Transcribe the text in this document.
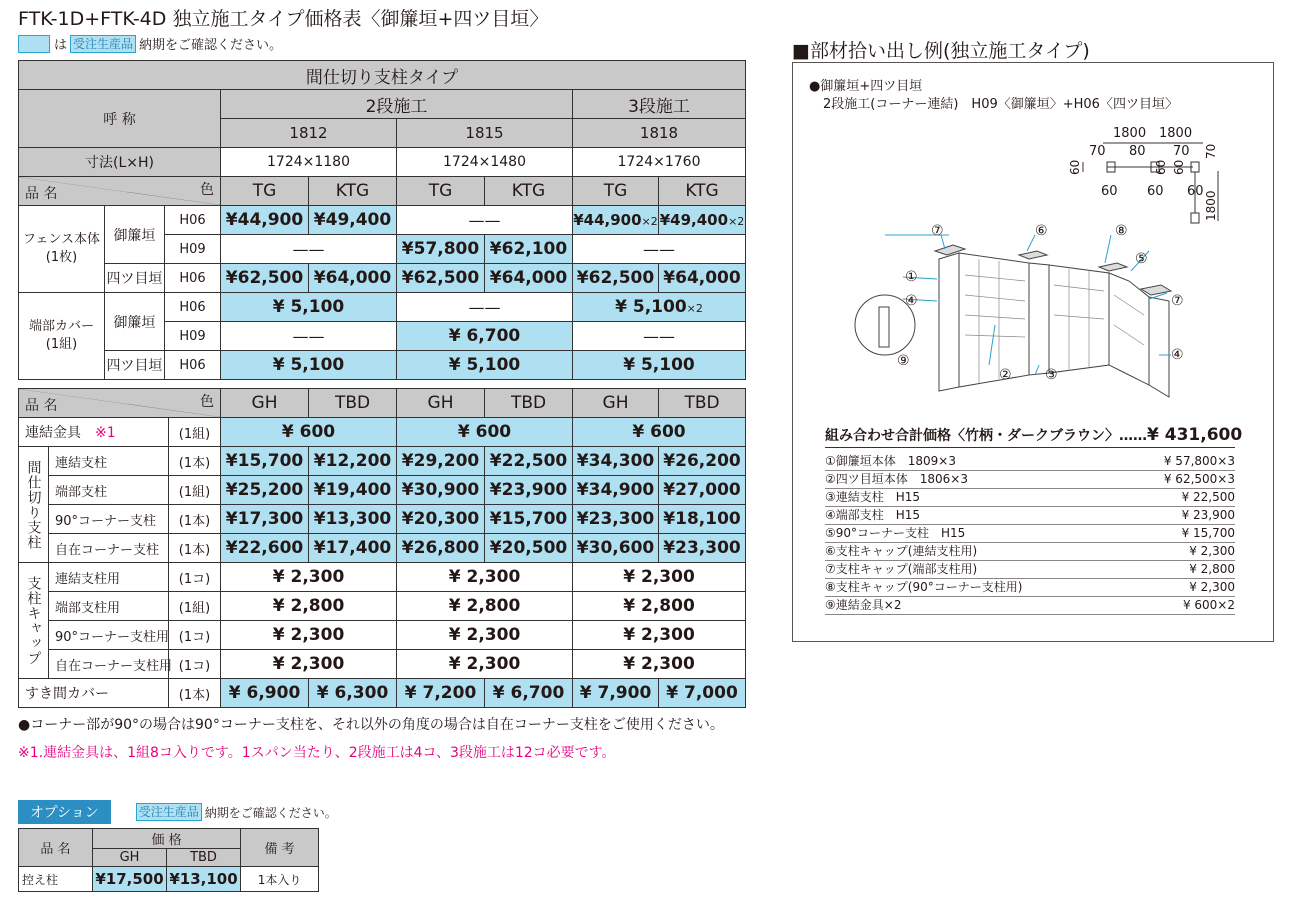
FTK-1D+FTK-4D 独立施工タイプ価格表〈御簾垣+四ツ目垣〉
は 受注生産品 納期をご確認ください。
間仕切り支柱タイプ								
呼 称			2段施工				3段施工	
			1812		1815		1818	
寸法(L×H)			1724×1180		1724×1480		1724×1760	

品 名 色			TG	KTG	TG	KTG	TG	KTG
フェンス本体
(1枚)	御簾垣	H06	¥44,900	¥49,400	——		¥44,900×2	¥49,400×2
		H09	——		¥57,800	¥62,100	——	
	四ツ目垣	H06	¥62,500	¥64,000	¥62,500	¥64,000	¥62,500	¥64,000
端部カバー
(1組)	御簾垣	H06	¥ 5,100		——		¥ 5,100×2	
		H09	——		¥ 6,700		——	
	四ツ目垣	H06	¥ 5,100		¥ 5,100		¥ 5,100	
品 名 色			GH	TBD	GH	TBD	GH	TBD
連結金具　 ※1		(1組)	¥ 600		¥ 600		¥ 600	
間仕切り支柱	連結支柱	(1本)	¥15,700	¥12,200	¥29,200	¥22,500	¥34,300	¥26,200
	端部支柱	(1組)	¥25,200	¥19,400	¥30,900	¥23,900	¥34,900	¥27,000
	90°コーナー支柱	(1本)	¥17,300	¥13,300	¥20,300	¥15,700	¥23,300	¥18,100
	自在コーナー支柱	(1本)	¥22,600	¥17,400	¥26,800	¥20,500	¥30,600	¥23,300
支柱キャップ	連結支柱用	(1コ)	¥ 2,300		¥ 2,300		¥ 2,300	
	端部支柱用	(1組)	¥ 2,800		¥ 2,800		¥ 2,800	
	90°コーナー支柱用	(1コ)	¥ 2,300		¥ 2,300		¥ 2,300	
	自在コーナー支柱用	(1コ)	¥ 2,300		¥ 2,300		¥ 2,300	
すき間カバー		(1本)	¥ 6,900	¥ 6,300	¥ 7,200	¥ 6,700	¥ 7,900	¥ 7,000
●コーナー部が90°の場合は90°コーナー支柱を、それ以外の角度の場合は自在コーナー支柱をご使用ください。
※1.連結金具は、1組8コ入りです。1スパン当たり、2段施工は4コ、3段施工は12コ必要です。
オプション	受注生産品 納期をご確認ください。
品 名	価 格		備 考
	GH	TBD	
控え柱	¥17,500	¥13,100	1本入り
■部材拾い出し例(独立施工タイプ)
●御簾垣+四ツ目垣
2段施工(コーナー連結)　H09〈御簾垣〉+H06〈四ツ目垣〉
1800 1800
70 80 70
60 60 60
60	60 60
70
1800
⑦	⑥	⑧
⑤
①
④	⑦
② ③
④
⑨
組み合わせ合計価格〈竹柄・ダークブラウン〉…… ¥ 431,600
①御簾垣本体　1809×3	¥ 57,800×3
②四ツ目垣本体　1806×3	¥ 62,500×3
③連結支柱　H15	¥ 22,500
④端部支柱　H15	¥ 23,900
⑤90°コーナー支柱　H15	¥ 15,700
⑥支柱キャップ(連結支柱用)	¥ 2,300
⑦支柱キャップ(端部支柱用)	¥ 2,800
⑧支柱キャップ(90°コーナー支柱用)	¥ 2,300
⑨連結金具×2	¥ 600×2
